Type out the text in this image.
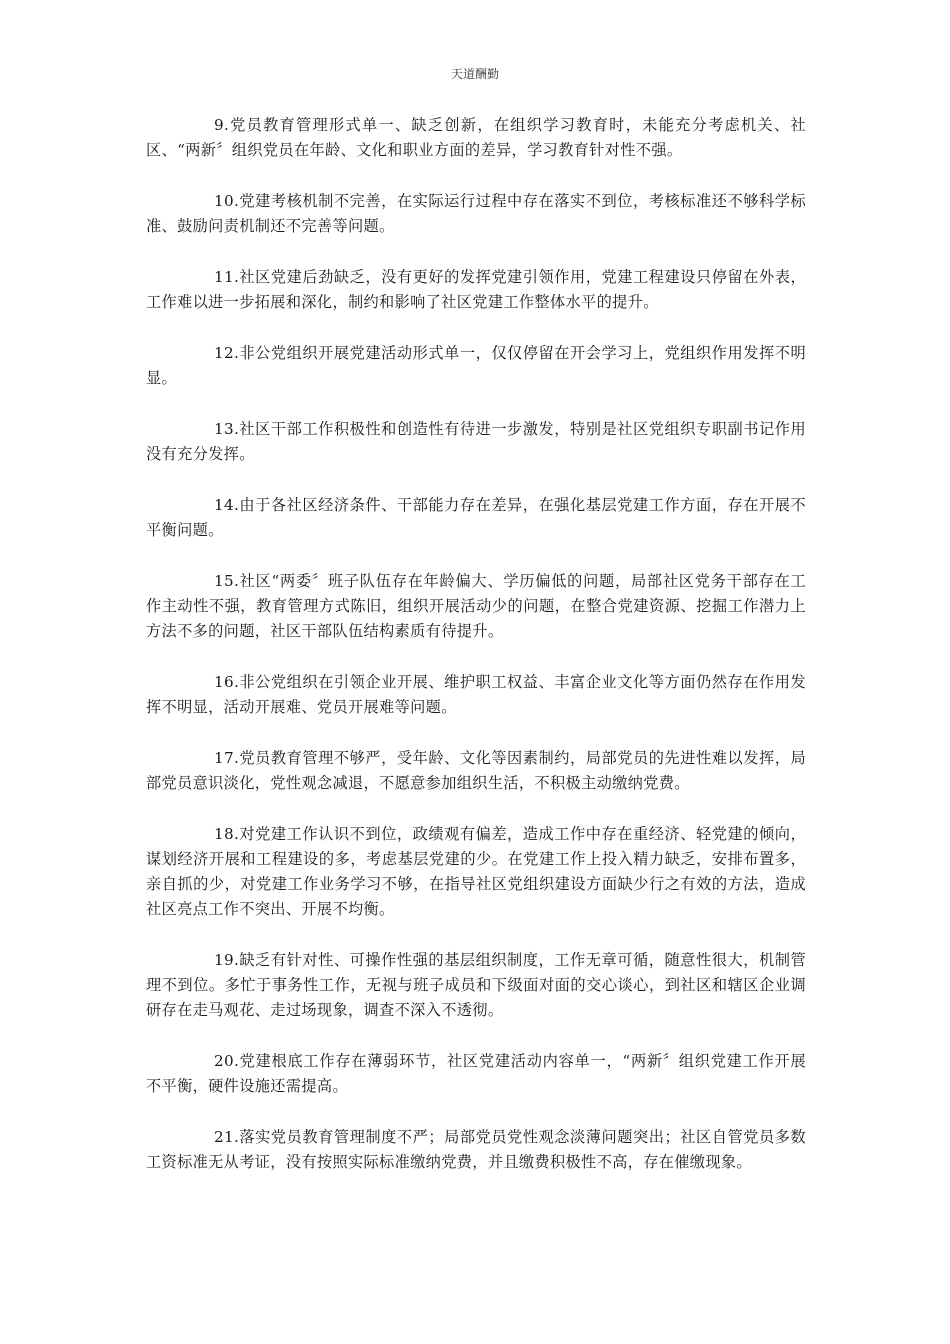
天道酬勤

9.党员教育管理形式单一、缺乏创新，在组织学习教育时，未能充分考虑机关、社区、“两新〞组织党员在年龄、文化和职业方面的差异，学习教育针对性不强。

10.党建考核机制不完善，在实际运行过程中存在落实不到位，考核标准还不够科学标准、鼓励问责机制还不完善等问题。

11.社区党建后劲缺乏，没有更好的发挥党建引领作用，党建工程建设只停留在外表，工作难以进一步拓展和深化，制约和影响了社区党建工作整体水平的提升。

12.非公党组织开展党建活动形式单一，仅仅停留在开会学习上，党组织作用发挥不明显。

13.社区干部工作积极性和创造性有待进一步激发，特别是社区党组织专职副书记作用没有充分发挥。

14.由于各社区经济条件、干部能力存在差异，在强化基层党建工作方面，存在开展不平衡问题。

15.社区“两委〞班子队伍存在年龄偏大、学历偏低的问题，局部社区党务干部存在工作主动性不强，教育管理方式陈旧，组织开展活动少的问题，在整合党建资源、挖掘工作潜力上方法不多的问题，社区干部队伍结构素质有待提升。

16.非公党组织在引领企业开展、维护职工权益、丰富企业文化等方面仍然存在作用发挥不明显，活动开展难、党员开展难等问题。

17.党员教育管理不够严，受年龄、文化等因素制约，局部党员的先进性难以发挥，局部党员意识淡化，党性观念减退，不愿意参加组织生活，不积极主动缴纳党费。

18.对党建工作认识不到位，政绩观有偏差，造成工作中存在重经济、轻党建的倾向，谋划经济开展和工程建设的多，考虑基层党建的少。在党建工作上投入精力缺乏，安排布置多，亲自抓的少，对党建工作业务学习不够，在指导社区党组织建设方面缺少行之有效的方法，造成社区亮点工作不突出、开展不均衡。

19.缺乏有针对性、可操作性强的基层组织制度，工作无章可循，随意性很大，机制管理不到位。多忙于事务性工作，无视与班子成员和下级面对面的交心谈心，到社区和辖区企业调研存在走马观花、走过场现象，调查不深入不透彻。

20.党建根底工作存在薄弱环节，社区党建活动内容单一，“两新〞组织党建工作开展不平衡，硬件设施还需提高。

21.落实党员教育管理制度不严；局部党员党性观念淡薄问题突出；社区自管党员多数工资标准无从考证，没有按照实际标准缴纳党费，并且缴费积极性不高，存在催缴现象。
